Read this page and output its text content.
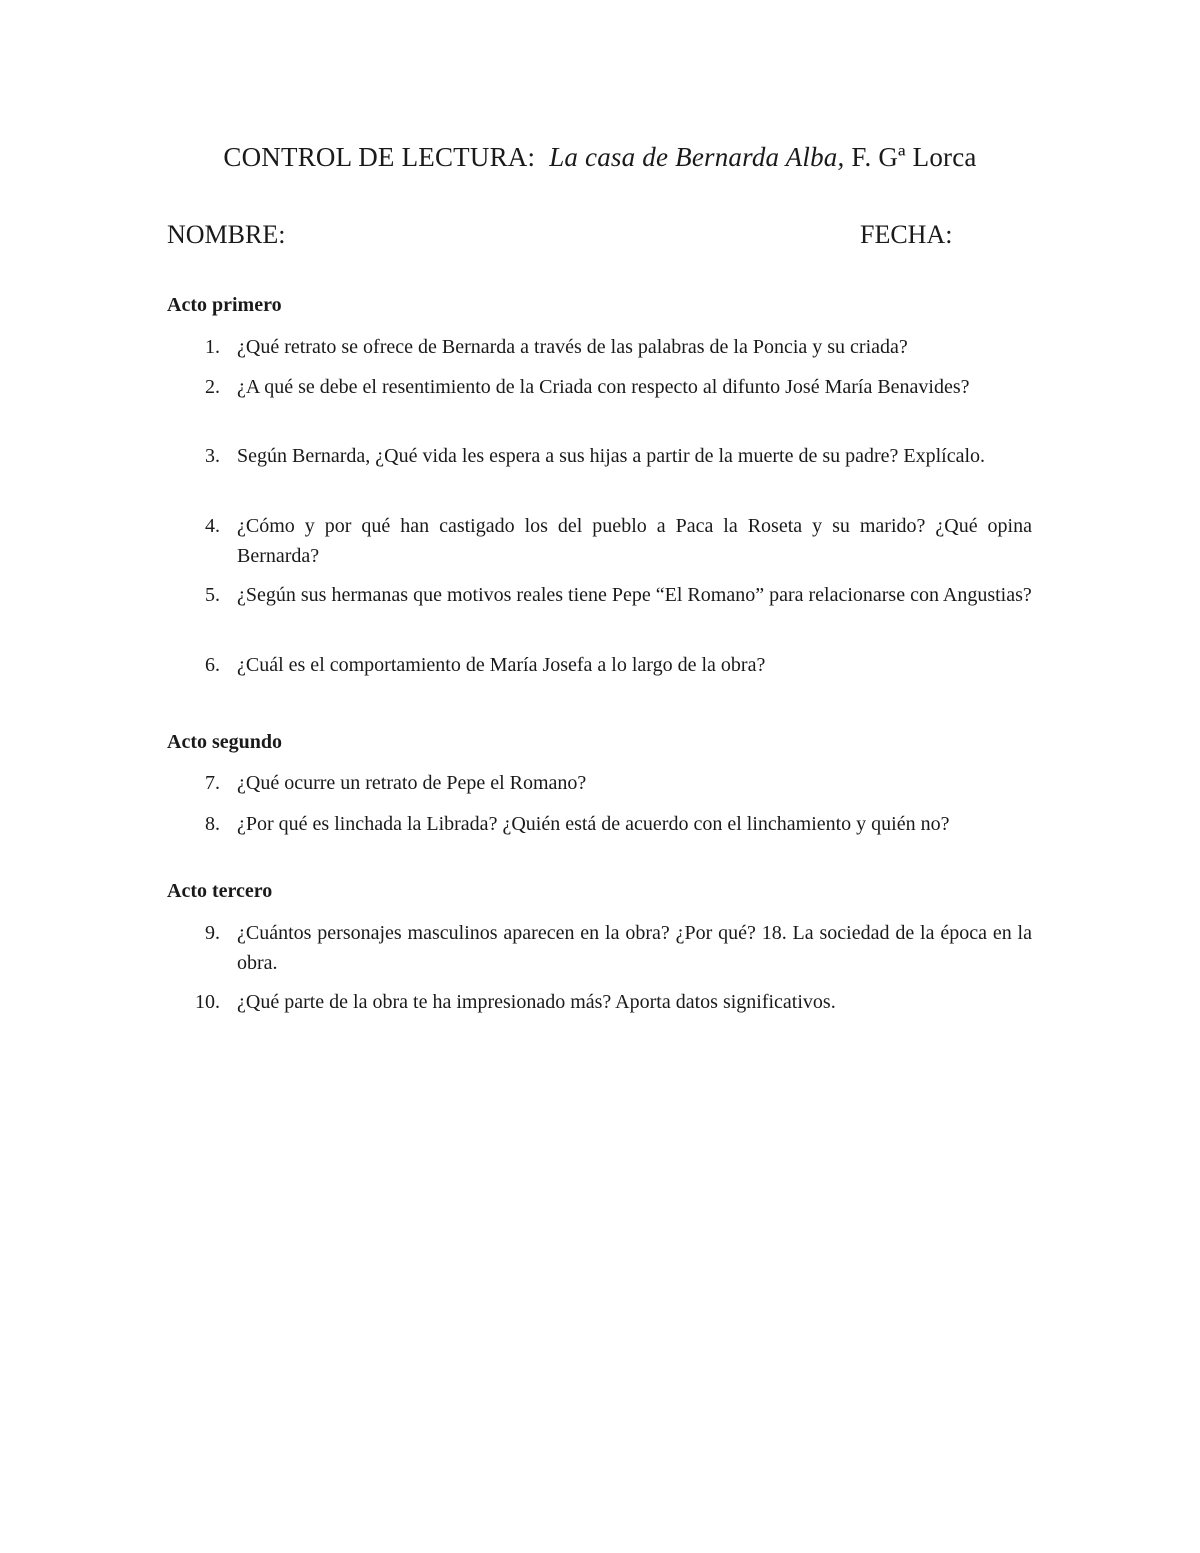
CONTROL DE LECTURA: La casa de Bernarda Alba, F. Gª Lorca
NOMBRE:	FECHA:
Acto primero
1. ¿Qué retrato se ofrece de Bernarda a través de las palabras de la Poncia y su criada?
2. ¿A qué se debe el resentimiento de la Criada con respecto al difunto José María Benavides?
3. Según Bernarda, ¿Qué vida les espera a sus hijas a partir de la muerte de su padre? Explícalo.
4. ¿Cómo y por qué han castigado los del pueblo a Paca la Roseta y su marido? ¿Qué opina Bernarda?
5. ¿Según sus hermanas que motivos reales tiene Pepe “El Romano” para relacionarse con Angustias?
6. ¿Cuál es el comportamiento de María Josefa a lo largo de la obra?
Acto segundo
7. ¿Qué ocurre un retrato de Pepe el Romano?
8. ¿Por qué es linchada la Librada? ¿Quién está de acuerdo con el linchamiento y quién no?
Acto tercero
9. ¿Cuántos personajes masculinos aparecen en la obra? ¿Por qué? 18. La sociedad de la época en la obra.
10. ¿Qué parte de la obra te ha impresionado más? Aporta datos significativos.
